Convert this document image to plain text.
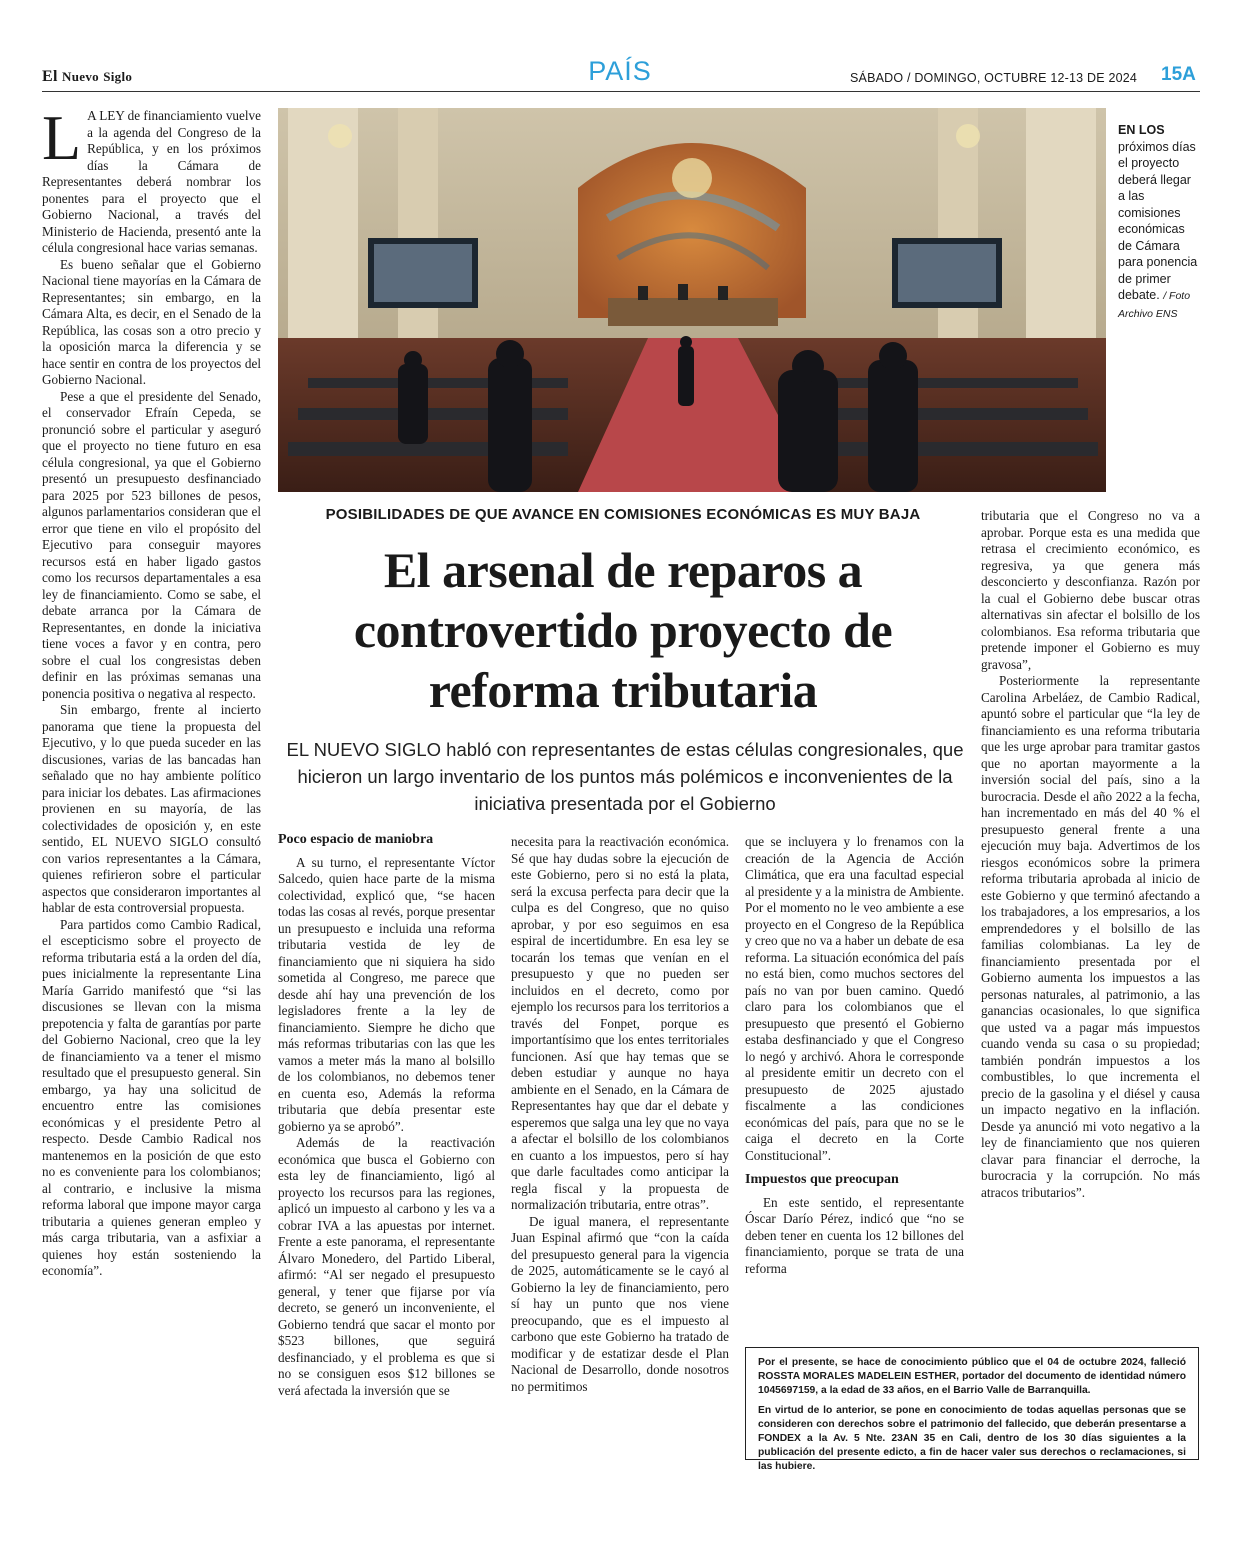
El Nuevo Siglo	PAÍS	SÁBADO / DOMINGO, OCTUBRE 12-13 DE 2024	15A
EN LOS próximos días el proyecto deberá llegar a las comisiones económicas de Cámara para ponencia de primer debate. / Foto Archivo ENS
L A LEY de financiamiento vuelve a la agenda del Congreso de la República, y en los próximos días la Cámara de Representantes deberá nombrar los ponentes para el proyecto que el Gobierno Nacional, a través del Ministerio de Hacienda, presentó ante la célula congresional hace varias semanas.

Es bueno señalar que el Gobierno Nacional tiene mayorías en la Cámara de Representantes; sin embargo, en la Cámara Alta, es decir, en el Senado de la República, las cosas son a otro precio y la oposición marca la diferencia y se hace sentir en contra de los proyectos del Gobierno Nacional.

Pese a que el presidente del Senado, el conservador Efraín Cepeda, se pronunció sobre el particular y aseguró que el proyecto no tiene futuro en esa célula congresional, ya que el Gobierno presentó un presupuesto desfinanciado para 2025 por 523 billones de pesos, algunos parlamentarios consideran que el error que tiene en vilo el propósito del Ejecutivo para conseguir mayores recursos está en haber ligado gastos como los recursos departamentales a esa ley de financiamiento. Como se sabe, el debate arranca por la Cámara de Representantes, en donde la iniciativa tiene voces a favor y en contra, pero sobre el cual los congresistas deben definir en las próximas semanas una ponencia positiva o negativa al respecto.

Sin embargo, frente al incierto panorama que tiene la propuesta del Ejecutivo, y lo que pueda suceder en las discusiones, varias de las bancadas han señalado que no hay ambiente político para iniciar los debates. Las afirmaciones provienen en su mayoría, de las colectividades de oposición y, en este sentido, EL NUEVO SIGLO consultó con varios representantes a la Cámara, quienes refirieron sobre el particular aspectos que consideraron importantes al hablar de esta controversial propuesta.

Para partidos como Cambio Radical, el escepticismo sobre el proyecto de reforma tributaria está a la orden del día, pues inicialmente la representante Lina María Garrido manifestó que “si las discusiones se llevan con la misma prepotencia y falta de garantías por parte del Gobierno Nacional, creo que la ley de financiamiento va a tener el mismo resultado que el presupuesto general. Sin embargo, ya hay una solicitud de encuentro entre las comisiones económicas y el presidente Petro al respecto. Desde Cambio Radical nos mantenemos en la posición de que esto no es conveniente para los colombianos; al contrario, e inclusive la misma reforma laboral que impone mayor carga tributaria a quienes generan empleo y más carga tributaria, van a asfixiar a quienes hoy están sosteniendo la economía”.

POSIBILIDADES DE QUE AVANCE EN COMISIONES ECONÓMICAS ES MUY BAJA
El arsenal de reparos a controvertido proyecto de reforma tributaria
EL NUEVO SIGLO habló con representantes de estas células congresionales, que hicieron un largo inventario de los puntos más polémicos e inconvenientes de la iniciativa presentada por el Gobierno
Poco espacio de maniobra

A su turno, el representante Víctor Salcedo, quien hace parte de la misma colectividad, explicó que, “se hacen todas las cosas al revés, porque presentar un presupuesto e incluida una reforma tributaria vestida de ley de financiamiento que ni siquiera ha sido sometida al Congreso, me parece que desde ahí hay una prevención de los legisladores frente a la ley de financiamiento. Siempre he dicho que más reformas tributarias con las que les vamos a meter más la mano al bolsillo de los colombianos, no debemos tener en cuenta eso, Además la reforma tributaria que debía presentar este gobierno ya se aprobó”.

Además de la reactivación económica que busca el Gobierno con esta ley de financiamiento, ligó al proyecto los recursos para las regiones, aplicó un impuesto al carbono y les va a cobrar IVA a las apuestas por internet. Frente a este panorama, el representante Álvaro Monedero, del Partido Liberal, afirmó: “Al ser negado el presupuesto general, y tener que fijarse por vía decreto, se generó un inconveniente, el Gobierno tendrá que sacar el monto por $523 billones, que seguirá desfinanciado, y el problema es que si no se consiguen esos $12 billones se verá afectada la inversión que se

necesita para la reactivación económica. Sé que hay dudas sobre la ejecución de este Gobierno, pero si no está la plata, será la excusa perfecta para decir que la culpa es del Congreso, que no quiso aprobar, y por eso seguimos en esa espiral de incertidumbre. En esa ley se tocarán los temas que venían en el presupuesto y que no pueden ser incluidos en el decreto, como por ejemplo los recursos para los territorios a través del Fonpet, porque es importantísimo que los entes territoriales funcionen. Así que hay temas que se deben estudiar y aunque no haya ambiente en el Senado, en la Cámara de Representantes hay que dar el debate y esperemos que salga una ley que no vaya a afectar el bolsillo de los colombianos en cuanto a los impuestos, pero sí hay que darle facultades como anticipar la regla fiscal y la propuesta de normalización tributaria, entre otras”.

De igual manera, el representante Juan Espinal afirmó que “con la caída del presupuesto general para la vigencia de 2025, automáticamente se le cayó al Gobierno la ley de financiamiento, pero sí hay un punto que nos viene preocupando, que es el impuesto al carbono que este Gobierno ha tratado de modificar y de estatizar desde el Plan Nacional de Desarrollo, donde nosotros no permitimos

que se incluyera y lo frenamos con la creación de la Agencia de Acción Climática, que era una facultad especial al presidente y a la ministra de Ambiente. Por el momento no le veo ambiente a ese proyecto en el Congreso de la República y creo que no va a haber un debate de esa reforma. La situación económica del país no está bien, como muchos sectores del país no van por buen camino. Quedó claro para los colombianos que el presupuesto que presentó el Gobierno estaba desfinanciado y que el Congreso lo negó y archivó. Ahora le corresponde al presidente emitir un decreto con el presupuesto de 2025 ajustado fiscalmente a las condiciones económicas del país, para que no se le caiga el decreto en la Corte Constitucional”.

Impuestos que preocupan

En este sentido, el representante Óscar Darío Pérez, indicó que “no se deben tener en cuenta los 12 billones del financiamiento, porque se trata de una reforma

tributaria que el Congreso no va a aprobar. Porque esta es una medida que retrasa el crecimiento económico, es regresiva, ya que genera más desconcierto y desconfianza. Razón por la cual el Gobierno debe buscar otras alternativas sin afectar el bolsillo de los colombianos. Esa reforma tributaria que pretende imponer el Gobierno es muy gravosa”,

Posteriormente la representante Carolina Arbeláez, de Cambio Radical, apuntó sobre el particular que “la ley de financiamiento es una reforma tributaria que les urge aprobar para tramitar gastos que no aportan mayormente a la inversión social del país, sino a la burocracia. Desde el año 2022 a la fecha, han incrementado en más del 40 % el presupuesto general frente a una ejecución muy baja. Advertimos de los riesgos económicos sobre la primera reforma tributaria aprobada al inicio de este Gobierno y que terminó afectando a los trabajadores, a los empresarios, a los emprendedores y el bolsillo de las familias colombianas. La ley de financiamiento presentada por el Gobierno aumenta los impuestos a las personas naturales, al patrimonio, a las ganancias ocasionales, lo que significa que usted va a pagar más impuestos cuando venda su casa o su propiedad; también pondrán impuestos a los combustibles, lo que incrementa el precio de la gasolina y el diésel y causa un impacto negativo en la inflación. Desde ya anunció mi voto negativo a la ley de financiamiento que nos quieren clavar para financiar el derroche, la burocracia y la corrupción. No más atracos tributarios”.

Por el presente, se hace de conocimiento público que el 04 de octubre 2024, falleció ROSSTA MORALES MADELEIN ESTHER, portador del documento de identidad número 1045697159, a la edad de 33 años, en el Barrio Valle de Barranquilla.

En virtud de lo anterior, se pone en conocimiento de todas aquellas personas que se consideren con derechos sobre el patrimonio del fallecido, que deberán presentarse a FONDEX a la Av. 5 Nte. 23AN 35 en Cali, dentro de los 30 días siguientes a la publicación del presente edicto, a fin de hacer valer sus derechos o reclamaciones, si las hubiere.
